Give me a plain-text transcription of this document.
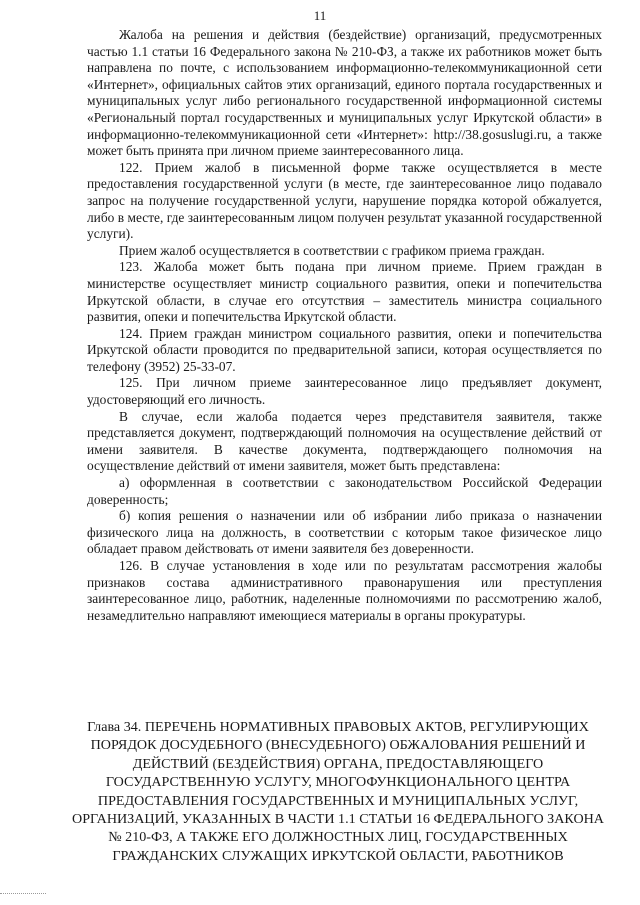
11

Жалоба на решения и действия (бездействие) организаций, предусмотренных частью 1.1 статьи 16 Федерального закона № 210-ФЗ, а также их работников может быть направлена по почте, с использованием информационно-телекоммуникационной сети «Интернет», официальных сайтов этих организаций, единого портала государственных и муниципальных услуг либо регионального государственной информационной системы «Региональный портал государственных и муниципальных услуг Иркутской области» в информационно-телекоммуникационной сети «Интернет»: http://38.gosuslugi.ru, а также может быть принята при личном приеме заинтересованного лица.

122. Прием жалоб в письменной форме также осуществляется в месте предоставления государственной услуги (в месте, где заинтересованное лицо подавало запрос на получение государственной услуги, нарушение порядка которой обжалуется, либо в месте, где заинтересованным лицом получен результат указанной государственной услуги).

Прием жалоб осуществляется в соответствии с графиком приема граждан.

123. Жалоба может быть подана при личном приеме. Прием граждан в министерстве осуществляет министр социального развития, опеки и попечительства Иркутской области, в случае его отсутствия – заместитель министра социального развития, опеки и попечительства Иркутской области.

124. Прием граждан министром социального развития, опеки и попечительства Иркутской области проводится по предварительной записи, которая осуществляется по телефону (3952) 25-33-07.

125. При личном приеме заинтересованное лицо предъявляет документ, удостоверяющий его личность.

В случае, если жалоба подается через представителя заявителя, также представляется документ, подтверждающий полномочия на осуществление действий от имени заявителя. В качестве документа, подтверждающего полномочия на осуществление действий от имени заявителя, может быть представлена:

а) оформленная в соответствии с законодательством Российской Федерации доверенность;

б) копия решения о назначении или об избрании либо приказа о назначении физического лица на должность, в соответствии с которым такое физическое лицо обладает правом действовать от имени заявителя без доверенности.

126. В случае установления в ходе или по результатам рассмотрения жалобы признаков состава административного правонарушения или преступления заинтересованное лицо, работник, наделенные полномочиями по рассмотрению жалоб, незамедлительно направляют имеющиеся материалы в органы прокуратуры.

Глава 34. ПЕРЕЧЕНЬ НОРМАТИВНЫХ ПРАВОВЫХ АКТОВ, РЕГУЛИРУЮЩИХ ПОРЯДОК ДОСУДЕБНОГО (ВНЕСУДЕБНОГО) ОБЖАЛОВАНИЯ РЕШЕНИЙ И ДЕЙСТВИЙ (БЕЗДЕЙСТВИЯ) ОРГАНА, ПРЕДОСТАВЛЯЮЩЕГО ГОСУДАРСТВЕННУЮ УСЛУГУ, МНОГОФУНКЦИОНАЛЬНОГО ЦЕНТРА ПРЕДОСТАВЛЕНИЯ ГОСУДАРСТВЕННЫХ И МУНИЦИПАЛЬНЫХ УСЛУГ, ОРГАНИЗАЦИЙ, УКАЗАННЫХ В ЧАСТИ 1.1 СТАТЬИ 16 ФЕДЕРАЛЬНОГО ЗАКОНА № 210-ФЗ, А ТАКЖЕ ЕГО ДОЛЖНОСТНЫХ ЛИЦ, ГОСУДАРСТВЕННЫХ ГРАЖДАНСКИХ СЛУЖАЩИХ ИРКУТСКОЙ ОБЛАСТИ, РАБОТНИКОВ
